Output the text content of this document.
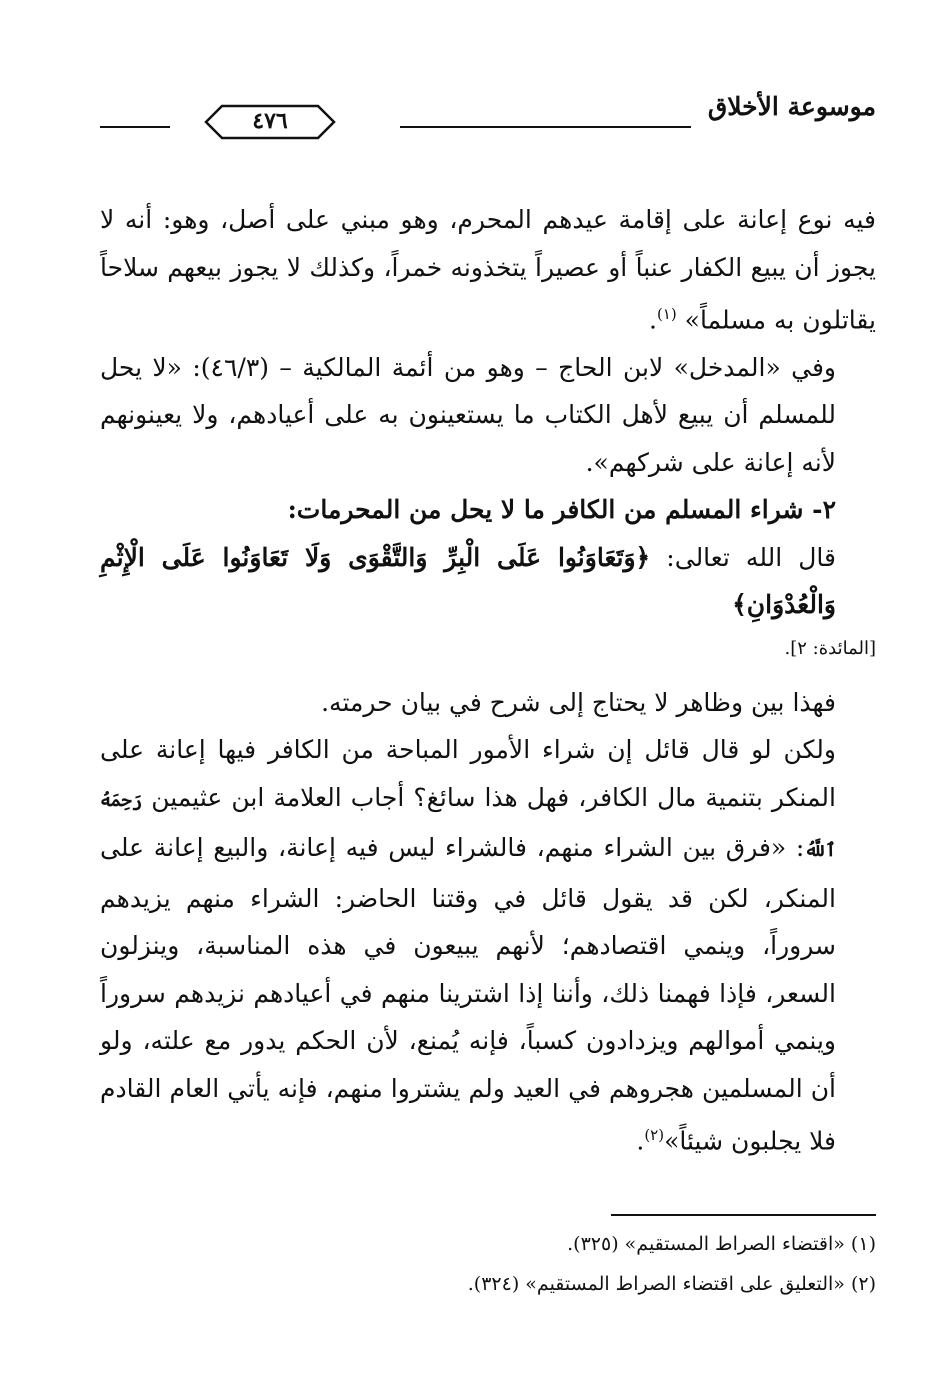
موسوعة الأخلاق
٤٧٦

فيه نوع إعانة على إقامة عيدهم المحرم، وهو مبني على أصل، وهو: أنه لا يجوز أن يبيع الكفار عنباً أو عصيراً يتخذونه خمراً، وكذلك لا يجوز بيعهم سلاحاً يقاتلون به مسلماً» $^{(١)}$.

وفي «المدخل» لابن الحاج – وهو من أئمة المالكية – (٤٦/٣): «لا يحل للمسلم أن يبيع لأهل الكتاب ما يستعينون به على أعيادهم، ولا يعينونهم لأنه إعانة على شركهم».

٢- شراء المسلم من الكافر ما لا يحل من المحرمات:

قال الله تعالى: ﴿وَتَعَاوَنُوا عَلَى الْبِرِّ وَالتَّقْوَى وَلَا تَعَاوَنُوا عَلَى الْإِثْمِ وَالْعُدْوَانِ﴾

[المائدة: ٢].

فهذا بين وظاهر لا يحتاج إلى شرح في بيان حرمته.

ولكن لو قال قائل إن شراء الأمور المباحة من الكافر فيها إعانة على المنكر بتنمية مال الكافر، فهل هذا سائغ؟ أجاب العلامة ابن عثيمين رَحِمَهُ ٱللَّهُ: «فرق بين الشراء منهم، فالشراء ليس فيه إعانة، والبيع إعانة على المنكر، لكن قد يقول قائل في وقتنا الحاضر: الشراء منهم يزيدهم سروراً، وينمي اقتصادهم؛ لأنهم يبيعون في هذه المناسبة، وينزلون السعر، فإذا فهمنا ذلك، وأننا إذا اشترينا منهم في أعيادهم نزيدهم سروراً وينمي أموالهم ويزدادون كسباً، فإنه يُمنع، لأن الحكم يدور مع علته، ولو أن المسلمين هجروهم في العيد ولم يشتروا منهم، فإنه يأتي العام القادم فلا يجلبون شيئاً»$^{(٢)}$.

(١) «اقتضاء الصراط المستقيم» (٣٢٥).
(٢) «التعليق على اقتضاء الصراط المستقيم» (٣٢٤).
